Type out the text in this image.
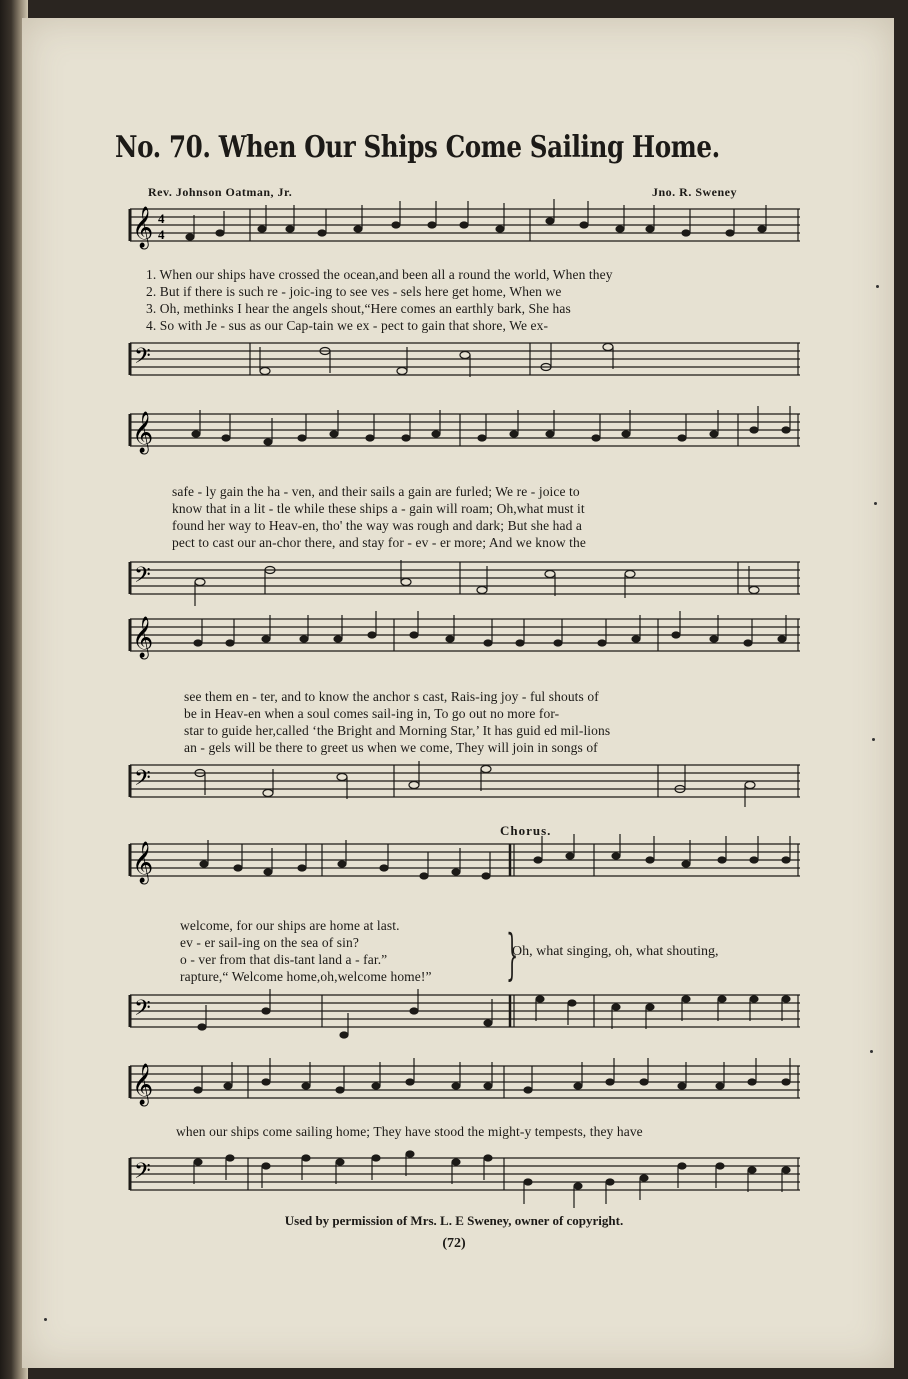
No. 70. When Our Ships Come Sailing Home.
Rev. Johnson Oatman, Jr.	Jno. R. Sweney
𝄞 4
4
1. When our ships have crossed the ocean,and been all a round the world, When they
2. But if there is such re - joic-ing to see ves - sels here get home, When we
3. Oh, methinks I hear the angels shout,“Here comes an earthly bark, She has
4. So with Je - sus as our Cap-tain we ex - pect to gain that shore, We ex-
𝄢
𝄞
safe - ly gain the ha - ven, and their sails a gain are furled; We re - joice to
know that in a lit - tle while these ships a - gain will roam; Oh,what must it
found her way to Heav-en, tho' the way was rough and dark; But she had a
pect to cast our an-chor there, and stay for - ev - er more; And we know the
𝄢
𝄞
see them en - ter, and to know the anchor s cast, Rais-ing joy - ful shouts of
be in Heav-en when a soul comes sail-ing in, To go out no more for-
star to guide her,called ‘the Bright and Morning Star,’ It has guid ed mil-lions
an - gels will be there to greet us when we come, They will join in songs of
𝄢
Chorus.
𝄞
welcome, for our ships are home at last.
ev - er sail-ing on the sea of sin?
o - ver from that dis-tant land a - far.”
rapture,“ Welcome home,oh,welcome home!”
𝄢
}
Oh, what singing, oh, what shouting,
𝄞
when our ships come sailing home; They have stood the might-y tempests, they have
𝄢
Used by permission of Mrs. L. E Sweney, owner of copyright.
(72)
